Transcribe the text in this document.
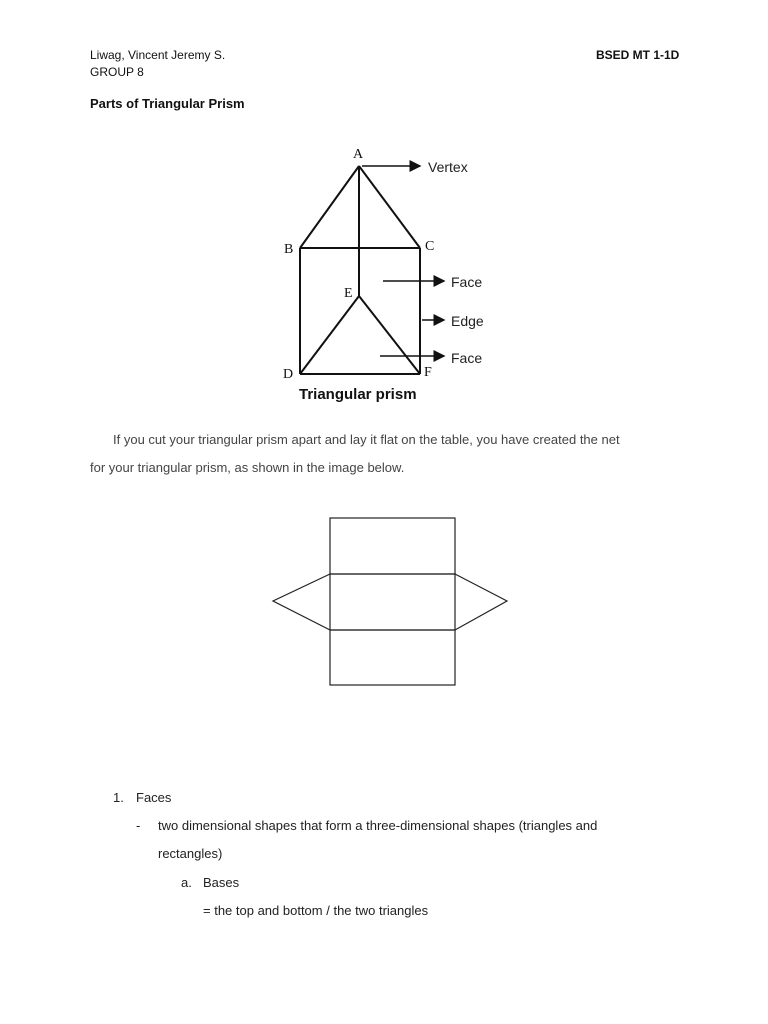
Liwag, Vincent Jeremy S.
GROUP 8
BSED MT 1-1D
Parts of Triangular Prism
A
B	C
D
E
F
Vertex
Face
Edge
Face
Triangular prism
If you cut your triangular prism apart and lay it flat on the table, you have created the net
for your triangular prism, as shown in the image below.
1. Faces
- two dimensional shapes that form a three-dimensional shapes (triangles and
rectangles)
a. Bases
= the top and bottom / the two triangles
